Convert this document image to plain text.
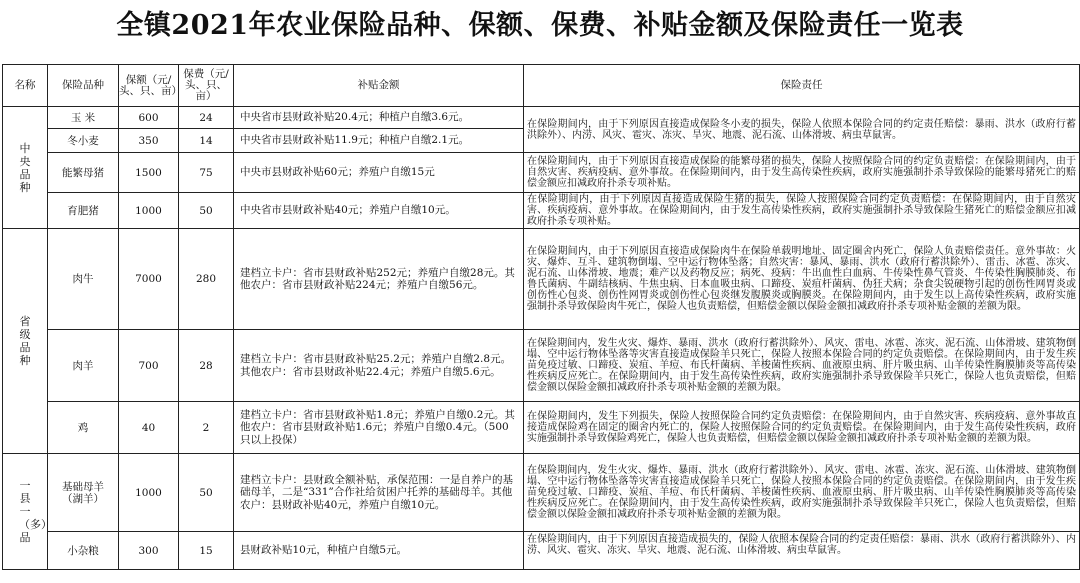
全镇2021年农业保险品种、保额、保费、补贴金额及保险责任一览表
名称	保险品种	保额（元/头、只、亩）	保费（元/头、只、亩）	补贴金额	保险责任
中央品种	玉 米	600	24	中央省市县财政补贴20.4元；种植户自缴3.6元。	在保险期间内，由于下列原因直接造成保险冬小麦的损失，保险人依照本保险合同的约定责任赔偿：暴雨、洪水（政府行蓄洪除外）、内涝、风灾、雹灾、冻灾、旱灾、地震、泥石流、山体滑坡、病虫草鼠害。
	冬小麦	350	14	中央省市县财政补贴11.9元；种植户自缴2.1元。	
	能繁母猪	1500	75	中央市县财政补贴60元；养殖户自缴15元	在保险期间内，由于下列原因直接造成保险的能繁母猪的损失，保险人按照保险合同的约定负责赔偿：在保险期间内，由于自然灾害、疾病疫病、意外事故。在保险期间内，由于发生高传染性疾病，政府实施强制扑杀导致保险的能繁母猪死亡的赔偿金额应扣减政府扑杀专项补贴。
	育肥猪	1000	50	中央省市县财政补贴40元；养殖户自缴10元。	在保险期间内，由于下列原因直接造成保险生猪的损失，保险人按照保险合同约定负责赔偿：在保险期间内，由于自然灾害、疾病疫病、意外事故。在保险期间内，由于发生高传染性疾病，政府实施强制扑杀导致保险生猪死亡的赔偿金额应扣减政府扑杀专项补贴。
省级品种	肉牛	7000	280	建档立卡户：省市县财政补贴252元；养殖户自缴28元。其他农户：省市县财政补贴224元；养殖户自缴56元。	在保险期间内，由于下列原因直接造成保险肉牛在保险单载明地址、固定圈舍内死亡，保险人负责赔偿责任。意外事故：火灾、爆炸、互斗、建筑物倒塌、空中运行物体坠落；自然灾害：暴风、暴雨、洪水（政府行蓄洪除外）、雷击、冰雹、冻灾、泥石流、山体滑坡、地震；难产以及药物反应；病死、疫病：牛出血性白血病、牛传染性鼻气管炎、牛传染性胸膜肺炎、布鲁氏菌病、牛副结核病、牛焦虫病、日本血吸虫病、口蹄疫、炭疽杆菌病、伪狂犬病；杂食尖锐硬物引起的创伤性网胃炎或创伤性心包炎、创伤性网胃炎或创伤性心包炎继发腹膜炎或胸膜炎。在保险期间内，由于发生以上高传染性疾病，政府实施强制扑杀导致保险肉牛死亡，保险人也负责赔偿，但赔偿金额以保险金额扣减政府扑杀专项补贴金额的差额为限。
	肉羊	700	28	建档立卡户：省市县财政补贴25.2元；养殖户自缴2.8元。其他农户：省市县财政补贴22.4元；养殖户自缴5.6元。	在保险期间内，发生火灾、爆炸、暴雨、洪水（政府行蓄洪除外）、风灾、雷电、冰雹、冻灾、泥石流、山体滑坡、建筑物倒塌、空中运行物体坠落等灾害直接造成保险羊只死亡，保险人按照本保险合同的约定负责赔偿。在保险期间内，由于发生疾苗免疫过敏、口蹄疫、炭疽、羊痘、布氏杆菌病、羊梭菌性疾病、血液原虫病、肝片吸虫病、山羊传染性胸膜肺炎等高传染性疾病反应死亡。在保险期间内，由于发生高传染性疾病，政府实施强制扑杀导致保险羊只死亡，保险人也负责赔偿，但赔偿金额以保险金额扣减政府扑杀专项补贴金额的差额为限。
	鸡	40	2	建档立卡户：省市县财政补贴1.8元；养殖户自缴0.2元。其他农户：省市县财政补贴1.6元；养殖户自缴0.4元。（500只以上投保）	在保险期间内，发生下列损失，保险人按照保险合同约定负责赔偿：在保险期间内，由于自然灾害、疾病疫病、意外事故直接造成保险鸡在固定的圈舍内死亡的，保险人按照保险合同的约定负责赔偿。在保险期间内，由于发生高传染性疾病，政府实施强制扑杀导致保险鸡死亡，保险人也负责赔偿，但赔偿金额以保险金额扣减政府扑杀专项补贴金额的差额为限。
一县一（多）品	基础母羊（湖羊）	1000	50	建档立卡户：县财政全额补贴，承保范围：一是自养户的基础母羊，二是“331”合作社给贫困户托养的基础母羊。其他农户：县财政补贴40元，养殖户自缴10元。	在保险期间内，发生火灾、爆炸、暴雨、洪水（政府行蓄洪除外）、风灾、雷电、冰雹、冻灾、泥石流、山体滑坡、建筑物倒塌、空中运行物体坠落等灾害直接造成保险羊只死亡，保险人按照本保险合同的约定负责赔偿。在保险期间内，由于发生疾苗免疫过敏、口蹄疫、炭疽、羊痘、布氏杆菌病、羊梭菌性疾病、血液原虫病、肝片吸虫病、山羊传染性胸膜肺炎等高传染性疾病反应死亡。在保险期间内，由于发生高传染性疾病，政府实施强制扑杀导致保险羊只死亡，保险人也负责赔偿，但赔偿金额以保险金额扣减政府扑杀专项补贴金额的差额为限。
	小杂粮	300	15	县财政补贴10元，种植户自缴5元。	在保险期间内，由于下列原因直接造成损失的，保险人依照本保险合同的约定责任赔偿：暴雨、洪水（政府行蓄洪除外）、内涝、风灾、雹灾、冻灾、旱灾、地震、泥石流、山体滑坡、病虫草鼠害。
